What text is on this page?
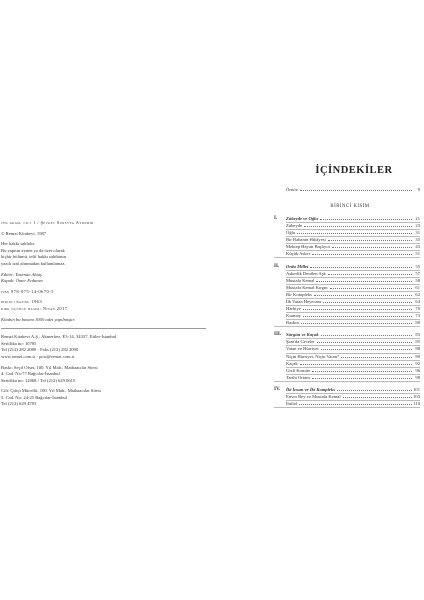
tek adam, cilt 1 / Şevket Süreyya Aydemir
© Remzi Kitabevi, 1987
Her hakkı saklıdır.
Bu yapıtın aynen ya da özet olarak
hiçbir bölümü, telif hakkı sahibinin
yazılı izni alınmadan kullanılamaz.
Editör: Yasemin Aktaş
Kapak: Ömer Erduran
isbn 978-975-14-0670-5
birinci basım: 1963
kırk üçüncü basım: Nisan 2017
Kitabın bu basımı 3000 adet yapılmıştır.
Remzi Kitabevi A.Ş., Akmerkez, E3-14, 34337, Etiler-İstanbul
Sertifika no: 10705
Tel (212) 282 2080 · Faks (212) 282 2090
www.remzi.com.tr · post@remzi.com.tr
Baskı: Seçil Ofset, 100. Yıl Mah., Matbaacılar Sitesi
4. Cad. No:77 Bağcılar-İstanbul
Sertifika no: 12068 / Tel (212) 629 0615
Cilt: Çiftçi Mücellit, 100. Yıl Mah., Matbaacılar Sitesi
5. Cad. No: 24-25 Bağcılar-İstanbul
Tel (212) 629 4783
İÇİNDEKİLER
Önsöz	9
BİRİNCİ KISIM
I. Zübeyde ve Oğlu	21
Zübeyde	23
Oğlu	31
Bir Babanın Hikâyesi	35
Mektep Hayatı Başlıyor	43
Küçük Asker	51
II. Ordu Millet	55
Askerlik Denilen Aşk	57
Mustafa Kemal	58
Mustafa Kemal Kırgın	61
Bir Kompleks	62
İlk Vatan Heyecanı	64
Harbiye	70
Kurmay	73
Baskın	80
III. Sürgün ve Kaçak	83
Şam'da Geceler	85
Vatan ve Hürriyet	88
Niçin Hürriyet, Niçin Vatan?	89
Kaçak	92
Gizli Komite	96
Tarihi Ortam	98
IV. İki İnsan ve İki Kompleks	101
Enver Bey ve Mustafa Kemal	103
İhtilal	110
